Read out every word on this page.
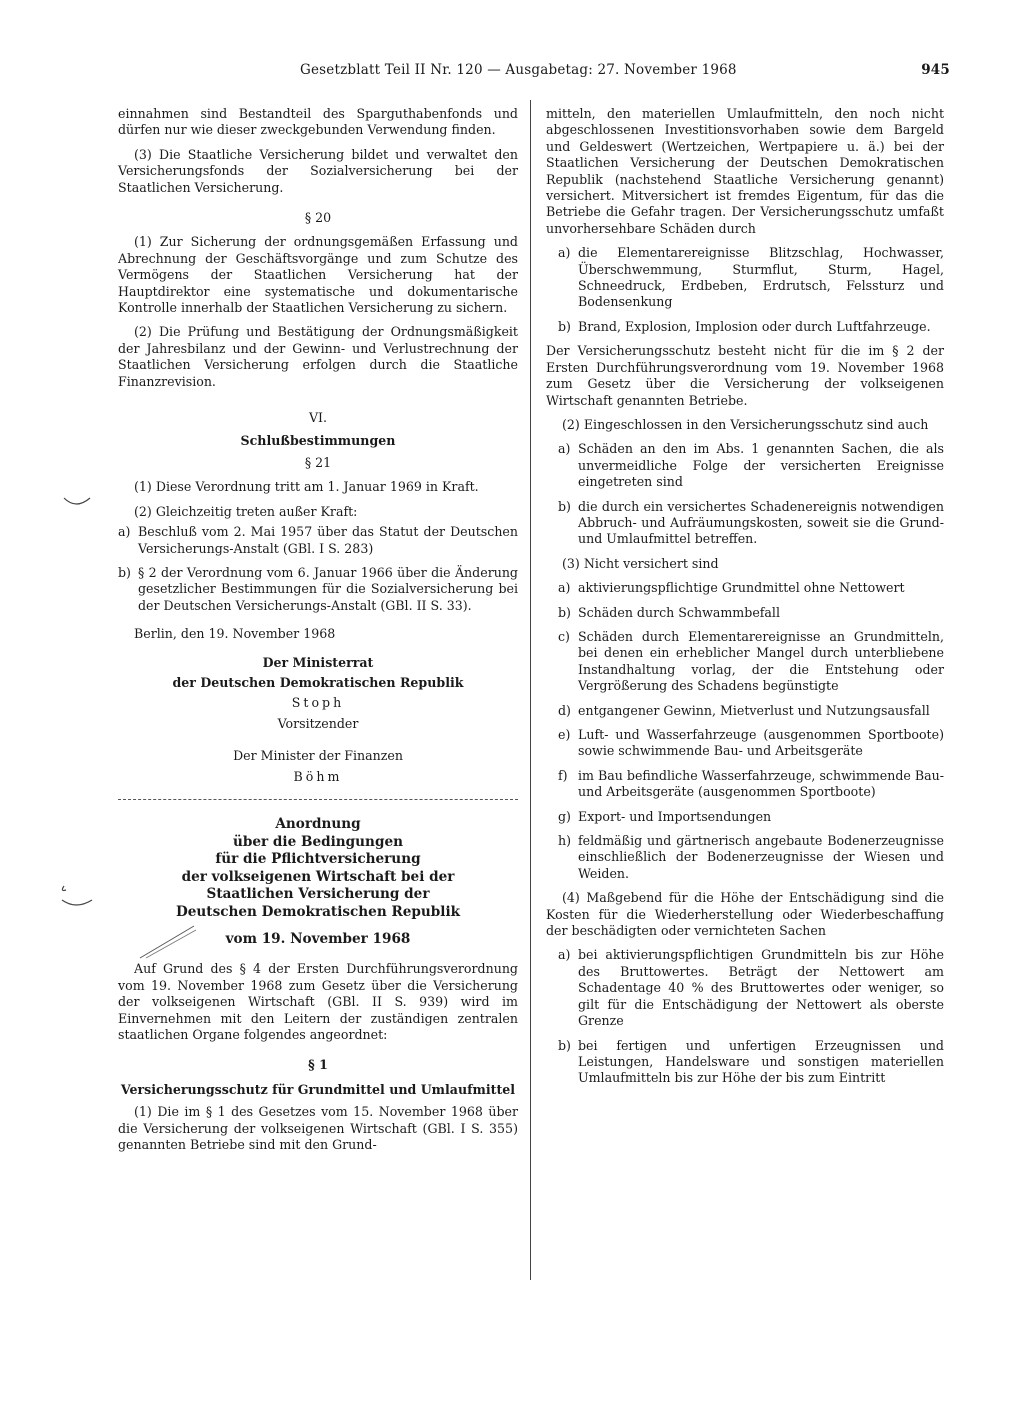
Gesetzblatt Teil II Nr. 120 — Ausgabetag: 27. November 1968	945

einnahmen sind Bestandteil des Sparguthabenfonds und dürfen nur wie dieser zweckgebunden Verwendung finden.

(3) Die Staatliche Versicherung bildet und verwaltet den Versicherungsfonds der Sozialversicherung bei der Staatlichen Versicherung.

§ 20

(1) Zur Sicherung der ordnungsgemäßen Erfassung und Abrechnung der Geschäftsvorgänge und zum Schutze des Vermögens der Staatlichen Versicherung hat der Hauptdirektor eine systematische und dokumentarische Kontrolle innerhalb der Staatlichen Versicherung zu sichern.

(2) Die Prüfung und Bestätigung der Ordnungsmäßigkeit der Jahresbilanz und der Gewinn- und Verlustrechnung der Staatlichen Versicherung erfolgen durch die Staatliche Finanzrevision.

VI.
Schlußbestimmungen
§ 21

(1) Diese Verordnung tritt am 1. Januar 1969 in Kraft.

(2) Gleichzeitig treten außer Kraft:

a) Beschluß vom 2. Mai 1957 über das Statut der Deutschen Versicherungs-Anstalt (GBl. I S. 283)
b) § 2 der Verordnung vom 6. Januar 1966 über die Änderung gesetzlicher Bestimmungen für die Sozialversicherung bei der Deutschen Versicherungs-Anstalt (GBl. II S. 33).

Berlin, den 19. November 1968

Der Ministerrat
der Deutschen Demokratischen Republik
Stoph
Vorsitzender
Der Minister der Finanzen
Böhm
Anordnung
über die Bedingungen
für die Pflichtversicherung
der volkseigenen Wirtschaft bei der
Staatlichen Versicherung der
Deutschen Demokratischen Republik
vom 19. November 1968

Auf Grund des § 4 der Ersten Durchführungsverordnung vom 19. November 1968 zum Gesetz über die Versicherung der volkseigenen Wirtschaft (GBl. II S. 939) wird im Einvernehmen mit den Leitern der zuständigen zentralen staatlichen Organe folgendes angeordnet:

§ 1
Versicherungsschutz für Grundmittel und Umlaufmittel

(1) Die im § 1 des Gesetzes vom 15. November 1968 über die Versicherung der volkseigenen Wirtschaft (GBl. I S. 355) genannten Betriebe sind mit den Grund-

mitteln, den materiellen Umlaufmitteln, den noch nicht abgeschlossenen Investitionsvorhaben sowie dem Bargeld und Geldeswert (Wertzeichen, Wertpapiere u. ä.) bei der Staatlichen Versicherung der Deutschen Demokratischen Republik (nachstehend Staatliche Versicherung genannt) versichert. Mitversichert ist fremdes Eigentum, für das die Betriebe die Gefahr tragen. Der Versicherungsschutz umfaßt unvorhersehbare Schäden durch

a) die Elementarereignisse Blitzschlag, Hochwasser, Überschwemmung, Sturmflut, Sturm, Hagel, Schneedruck, Erdbeben, Erdrutsch, Felssturz und Bodensenkung
b) Brand, Explosion, Implosion oder durch Luftfahrzeuge.

Der Versicherungsschutz besteht nicht für die im § 2 der Ersten Durchführungsverordnung vom 19. November 1968 zum Gesetz über die Versicherung der volkseigenen Wirtschaft genannten Betriebe.

(2) Eingeschlossen in den Versicherungsschutz sind auch

a) Schäden an den im Abs. 1 genannten Sachen, die als unvermeidliche Folge der versicherten Ereignisse eingetreten sind
b) die durch ein versichertes Schadenereignis notwendigen Abbruch- und Aufräumungskosten, soweit sie die Grund- und Umlaufmittel betreffen.

(3) Nicht versichert sind

a) aktivierungspflichtige Grundmittel ohne Nettowert
b) Schäden durch Schwammbefall
c) Schäden durch Elementarereignisse an Grundmitteln, bei denen ein erheblicher Mangel durch unterbliebene Instandhaltung vorlag, der die Entstehung oder Vergrößerung des Schadens begünstigte
d) entgangener Gewinn, Mietverlust und Nutzungsausfall
e) Luft- und Wasserfahrzeuge (ausgenommen Sportboote) sowie schwimmende Bau- und Arbeitsgeräte
f) im Bau befindliche Wasserfahrzeuge, schwimmende Bau- und Arbeitsgeräte (ausgenommen Sportboote)
g) Export- und Importsendungen
h) feldmäßig und gärtnerisch angebaute Bodenerzeugnisse einschließlich der Bodenerzeugnisse der Wiesen und Weiden.

(4) Maßgebend für die Höhe der Entschädigung sind die Kosten für die Wiederherstellung oder Wiederbeschaffung der beschädigten oder vernichteten Sachen

a) bei aktivierungspflichtigen Grundmitteln bis zur Höhe des Bruttowertes. Beträgt der Nettowert am Schadentage 40 % des Bruttowertes oder weniger, so gilt für die Entschädigung der Nettowert als oberste Grenze
b) bei fertigen und unfertigen Erzeugnissen und Leistungen, Handelsware und sonstigen materiellen Umlaufmitteln bis zur Höhe der bis zum Eintritt
